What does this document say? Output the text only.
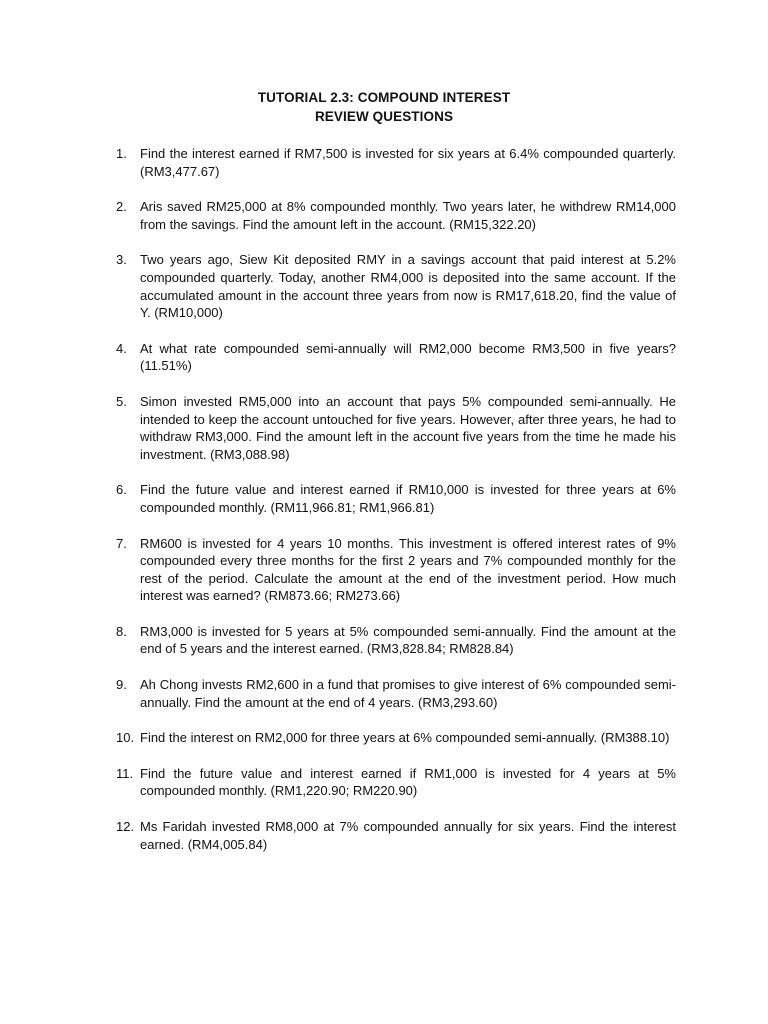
TUTORIAL 2.3: COMPOUND INTEREST
REVIEW QUESTIONS
1.	Find the interest earned if RM7,500 is invested for six years at 6.4% compounded quarterly. (RM3,477.67)
2.	Aris saved RM25,000 at 8% compounded monthly. Two years later, he withdrew RM14,000 from the savings. Find the amount left in the account. (RM15,322.20)
3.	Two years ago, Siew Kit deposited RMY in a savings account that paid interest at 5.2% compounded quarterly. Today, another RM4,000 is deposited into the same account. If the accumulated amount in the account three years from now is RM17,618.20, find the value of Y. (RM10,000)
4.	At what rate compounded semi-annually will RM2,000 become RM3,500 in five years? (11.51%)
5.	Simon invested RM5,000 into an account that pays 5% compounded semi-annually. He intended to keep the account untouched for five years. However, after three years, he had to withdraw RM3,000. Find the amount left in the account five years from the time he made his investment. (RM3,088.98)
6.	Find the future value and interest earned if RM10,000 is invested for three years at 6% compounded monthly. (RM11,966.81; RM1,966.81)
7.	RM600 is invested for 4 years 10 months. This investment is offered interest rates of 9% compounded every three months for the first 2 years and 7% compounded monthly for the rest of the period. Calculate the amount at the end of the investment period. How much interest was earned? (RM873.66; RM273.66)
8.	RM3,000 is invested for 5 years at 5% compounded semi-annually. Find the amount at the end of 5 years and the interest earned. (RM3,828.84; RM828.84)
9.	Ah Chong invests RM2,600 in a fund that promises to give interest of 6% compounded semi-annually. Find the amount at the end of 4 years. (RM3,293.60)
10. Find the interest on RM2,000 for three years at 6% compounded semi-annually. (RM388.10)
11. Find the future value and interest earned if RM1,000 is invested for 4 years at 5% compounded monthly. (RM1,220.90; RM220.90)
12. Ms Faridah invested RM8,000 at 7% compounded annually for six years. Find the interest earned. (RM4,005.84)
